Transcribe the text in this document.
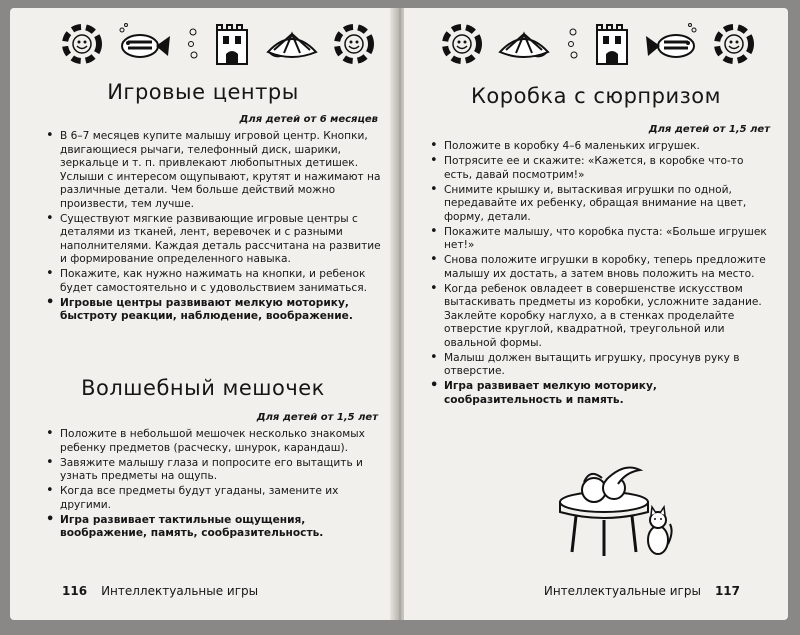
Игровые центры
Для детей от 6 месяцев
• В 6–7 месяцев купите малышу игровой центр. Кнопки, двигающиеся рычаги, телефонный диск, шарики, зеркальце и т. п. привлекают любопытных детишек. Услыши с интересом ощупывают, крутят и нажимают на различные детали. Чем больше действий можно произвести, тем лучше.
• Существуют мягкие развивающие игровые центры с деталями из тканей, лент, веревочек и с разными наполнителями. Каждая деталь рассчитана на развитие и формирование определенного навыка.
• Покажите, как нужно нажимать на кнопки, и ребенок будет самостоятельно и с удовольствием заниматься.
• Игровые центры развивают мелкую моторику, быстроту реакции, наблюдение, воображение.
Волшебный мешочек
Для детей от 1,5 лет
• Положите в небольшой мешочек несколько знакомых ребенку предметов (расческу, шнурок, карандаш).
• Завяжите малышу глаза и попросите его вытащить и узнать предметы на ощупь.
• Когда все предметы будут угаданы, замените их другими.
• Игра развивает тактильные ощущения, воображение, память, сообразительность.
116 Интеллектуальные игры
Коробка с сюрпризом
Для детей от 1,5 лет
• Положите в коробку 4–6 маленьких игрушек.
• Потрясите ее и скажите: «Кажется, в коробке что-то есть, давай посмотрим!»
• Снимите крышку и, вытаскивая игрушки по одной, передавайте их ребенку, обращая внимание на цвет, форму, детали.
• Покажите малышу, что коробка пуста: «Больше игрушек нет!»
• Снова положите игрушки в коробку, теперь предложите малышу их достать, а затем вновь положить на место.
• Когда ребенок овладеет в совершенстве искусством вытаскивать предметы из коробки, усложните задание. Заклейте коробку наглухо, а в стенках проделайте отверстие круглой, квадратной, треугольной или овальной формы.
• Малыш должен вытащить игрушку, просунув руку в отверстие.
• Игра развивает мелкую моторику, сообразительность и память.
Интеллектуальные игры 117
